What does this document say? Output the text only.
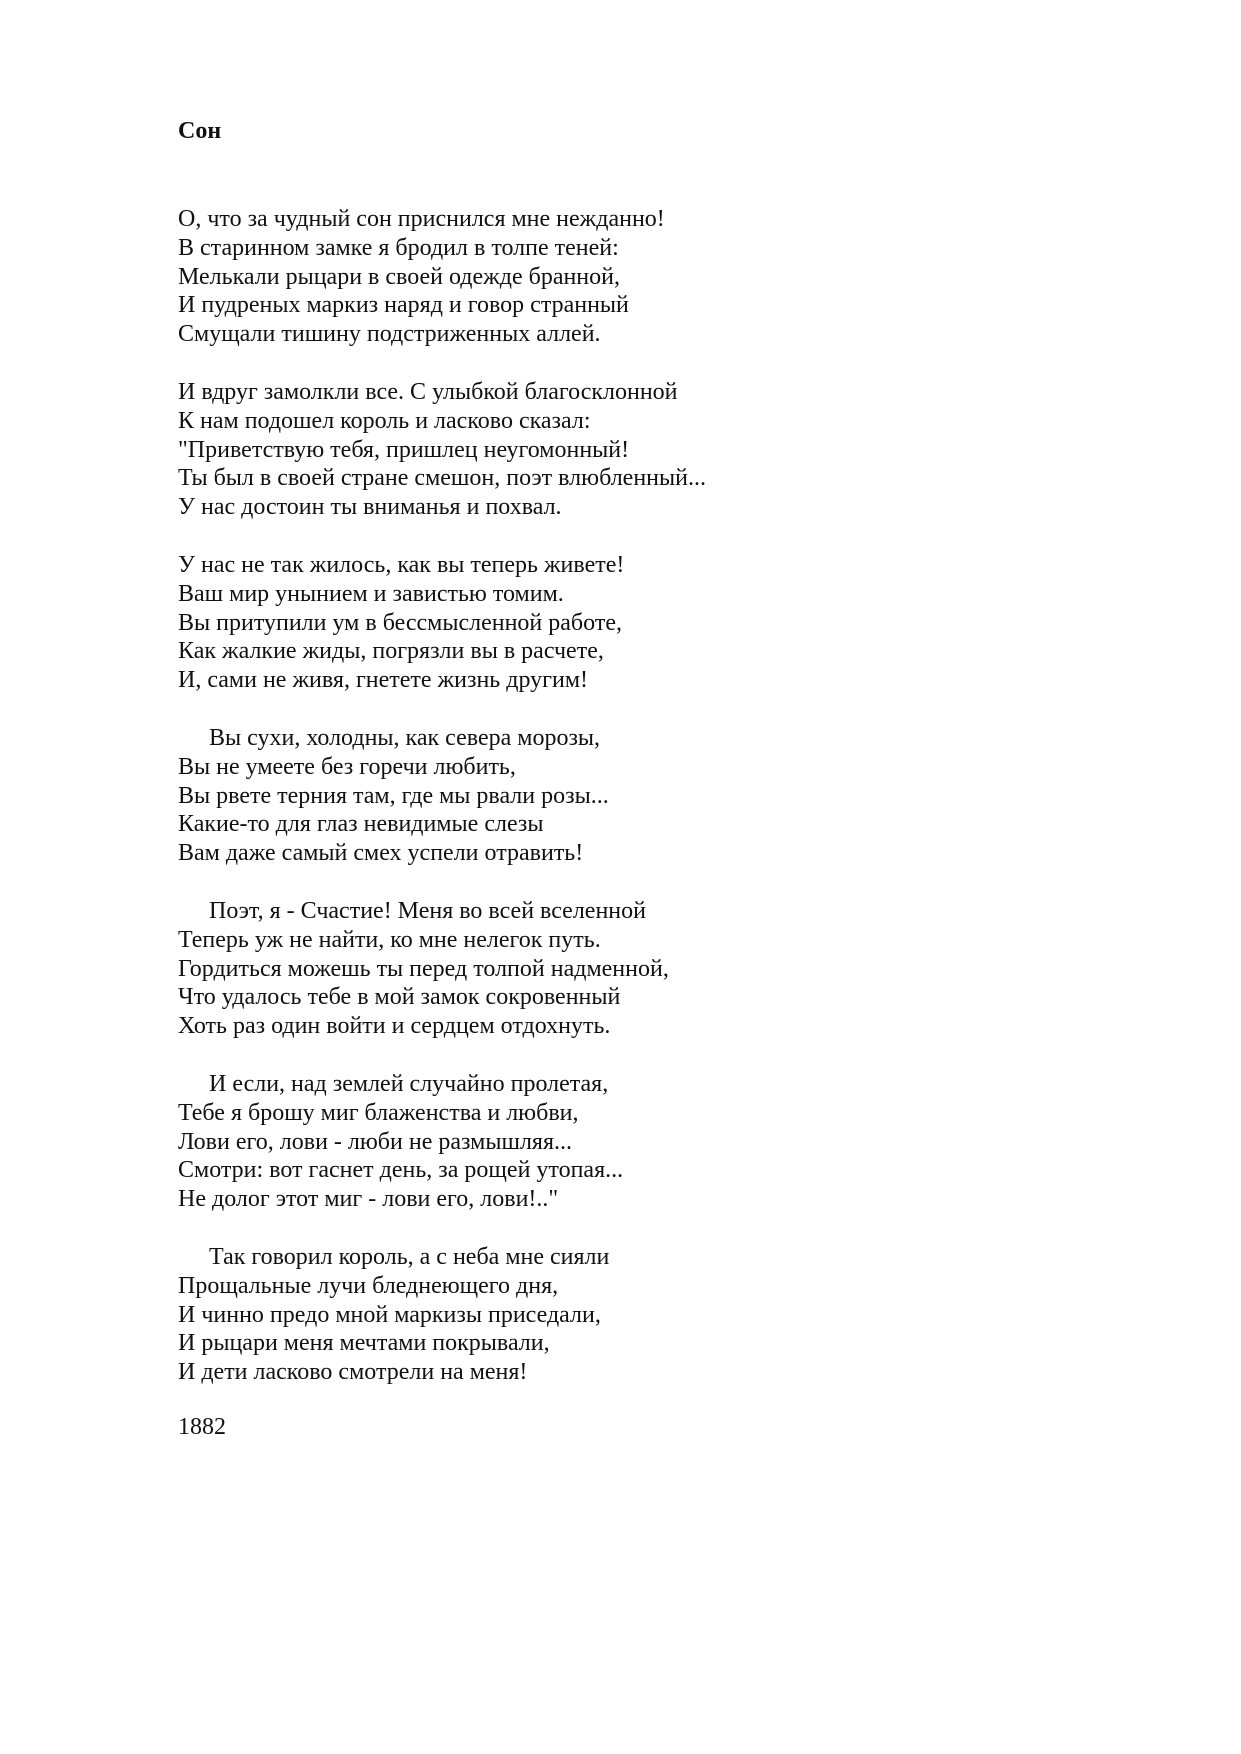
Сон
О, что за чудный сон приснился мне нежданно!
В старинном замке я бродил в толпе теней:
Мелькали рыцари в своей одежде бранной,
И пудреных маркиз наряд и говор странный
Смущали тишину подстриженных аллей.
И вдруг замолкли все. С улыбкой благосклонной
К нам подошел король и ласково сказал:
"Приветствую тебя, пришлец неугомонный!
Ты был в своей стране смешон, поэт влюбленный...
У нас достоин ты вниманья и похвал.
У нас не так жилось, как вы теперь живете!
Ваш мир унынием и завистью томим.
Вы притупили ум в бессмысленной работе,
Как жалкие жиды, погрязли вы в расчете,
И, сами не живя, гнетете жизнь другим!
Вы сухи, холодны, как севера морозы,
Вы не умеете без горечи любить,
Вы рвете терния там, где мы рвали розы...
Какие-то для глаз невидимые слезы
Вам даже самый смех успели отравить!
Поэт, я - Счастие! Меня во всей вселенной
Теперь уж не найти, ко мне нелегок путь.
Гордиться можешь ты перед толпой надменной,
Что удалось тебе в мой замок сокровенный
Хоть раз один войти и сердцем отдохнуть.
И если, над землей случайно пролетая,
Тебе я брошу миг блаженства и любви,
Лови его, лови - люби не размышляя...
Смотри: вот гаснет день, за рощей утопая...
Не долог этот миг - лови его, лови!.."
Так говорил король, а с неба мне сияли
Прощальные лучи бледнеющего дня,
И чинно предо мной маркизы приседали,
И рыцари меня мечтами покрывали,
И дети ласково смотрели на меня!
1882
